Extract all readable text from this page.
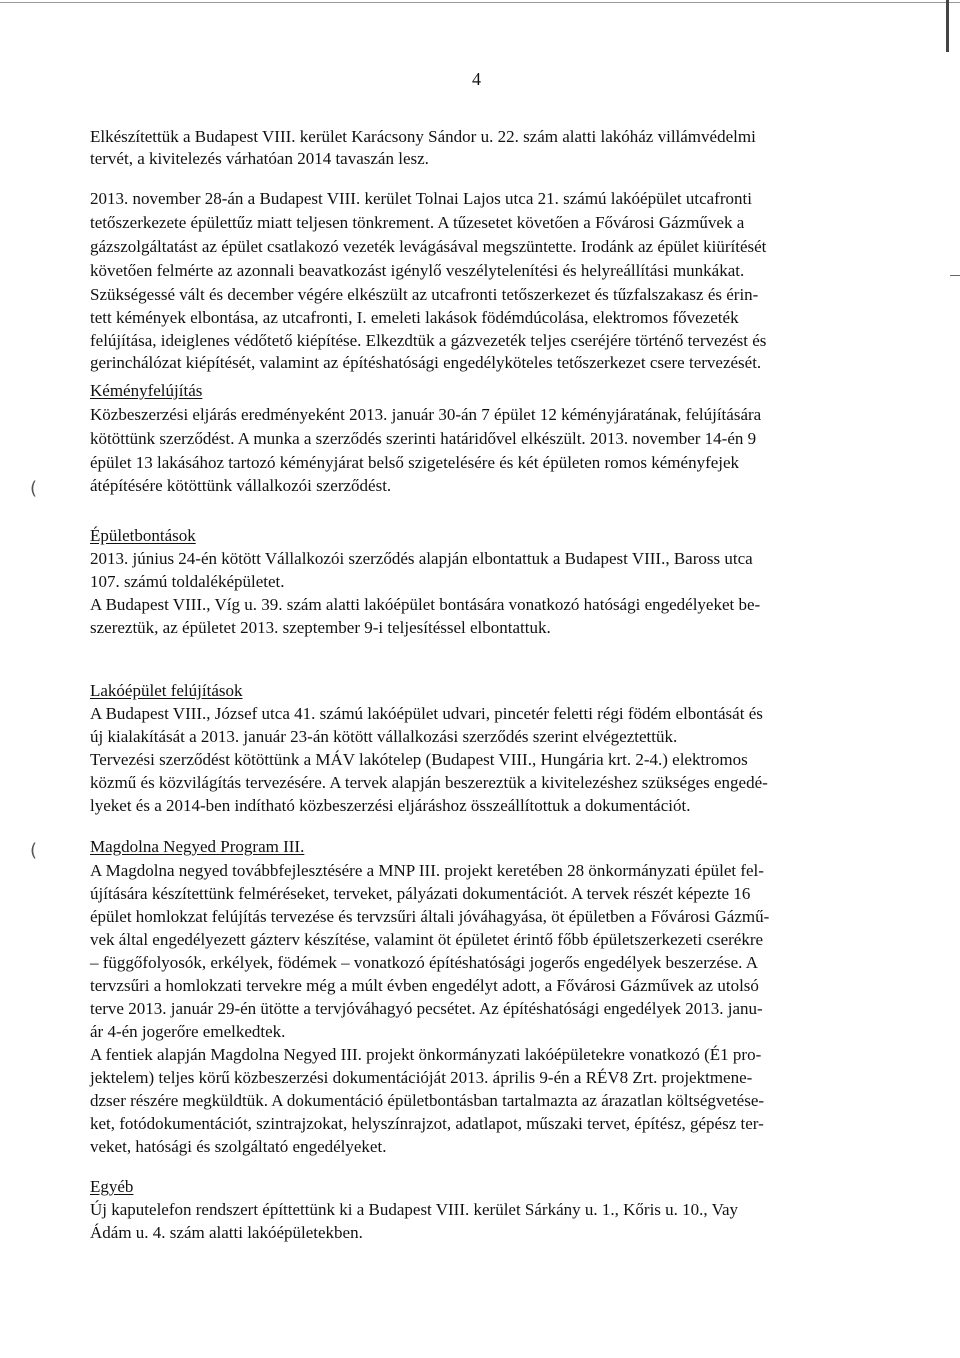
(
(
4
Elkészítettük a Budapest VIII. kerület Karácsony Sándor u. 22. szám alatti lakóház villámvédelmi
tervét, a kivitelezés várhatóan 2014 tavaszán lesz.
2013. november 28-án a Budapest VIII. kerület Tolnai Lajos utca 21. számú lakóépület utcafronti
tetőszerkezete épülettűz miatt teljesen tönkrement. A tűzesetet követően a Fővárosi Gázművek a
gázszolgáltatást az épület csatlakozó vezeték levágásával megszüntette. Irodánk az épület kiürítését
követően felmérte az azonnali beavatkozást igénylő veszélytelenítési és helyreállítási munkákat.
Szükségessé vált és december végére elkészült az utcafronti tetőszerkezet és tűzfalszakasz és érin-
tett kémények elbontása, az utcafronti, I. emeleti lakások födémdúcolása, elektromos fővezeték
felújítása, ideiglenes védőtető kiépítése. Elkezdtük a gázvezeték teljes cseréjére történő tervezést és
gerinchálózat kiépítését, valamint az építéshatósági engedélyköteles tetőszerkezet csere tervezését.
Kéményfelújítás
Közbeszerzési eljárás eredményeként 2013. január 30-án 7 épület 12 kéményjáratának, felújítására
kötöttünk szerződést. A munka a szerződés szerinti határidővel elkészült. 2013. november 14-én 9
épület 13 lakásához tartozó kéményjárat belső szigetelésére és két épületen romos kéményfejek
átépítésére kötöttünk vállalkozói szerződést.
Épületbontások
2013. június 24-én kötött Vállalkozói szerződés alapján elbontattuk a Budapest VIII., Baross utca
107. számú toldaléképületet.
A Budapest VIII., Víg u. 39. szám alatti lakóépület bontására vonatkozó hatósági engedélyeket be-
szereztük, az épületet 2013. szeptember 9-i teljesítéssel elbontattuk.
Lakóépület felújítások
A Budapest VIII., József utca 41. számú lakóépület udvari, pincetér feletti régi födém elbontását és
új kialakítását a 2013. január 23-án kötött vállalkozási szerződés szerint elvégeztettük.
Tervezési szerződést kötöttünk a MÁV lakótelep (Budapest VIII., Hungária krt. 2-4.) elektromos
közmű és közvilágítás tervezésére. A tervek alapján beszereztük a kivitelezéshez szükséges engedé-
lyeket és a 2014-ben indítható közbeszerzési eljáráshoz összeállítottuk a dokumentációt.
Magdolna Negyed Program III.
A Magdolna negyed továbbfejlesztésére a MNP III. projekt keretében 28 önkormányzati épület fel-
újítására készítettünk felméréseket, terveket, pályázati dokumentációt. A tervek részét képezte 16
épület homlokzat felújítás tervezése és tervzsűri általi jóváhagyása, öt épületben a Fővárosi Gázmű-
vek által engedélyezett gázterv készítése, valamint öt épületet érintő főbb épületszerkezeti cserékre
– függőfolyosók, erkélyek, födémek – vonatkozó építéshatósági jogerős engedélyek beszerzése. A
tervzsűri a homlokzati tervekre még a múlt évben engedélyt adott, a Fővárosi Gázművek az utolsó
terve 2013. január 29-én ütötte a tervjóváhagyó pecsétet. Az építéshatósági engedélyek 2013. janu-
ár 4-én jogerőre emelkedtek.
A fentiek alapján Magdolna Negyed III. projekt önkormányzati lakóépületekre vonatkozó (É1 pro-
jektelem) teljes körű közbeszerzési dokumentációját 2013. április 9-én a RÉV8 Zrt. projektmene-
dzser részére megküldtük. A dokumentáció épületbontásban tartalmazta az árazatlan költségvetése-
ket, fotódokumentációt, szintrajzokat, helyszínrajzot, adatlapot, műszaki tervet, építész, gépész ter-
veket, hatósági és szolgáltató engedélyeket.
Egyéb
Új kaputelefon rendszert építtettünk ki a Budapest VIII. kerület Sárkány u. 1., Kőris u. 10., Vay
Ádám u. 4. szám alatti lakóépületekben.
